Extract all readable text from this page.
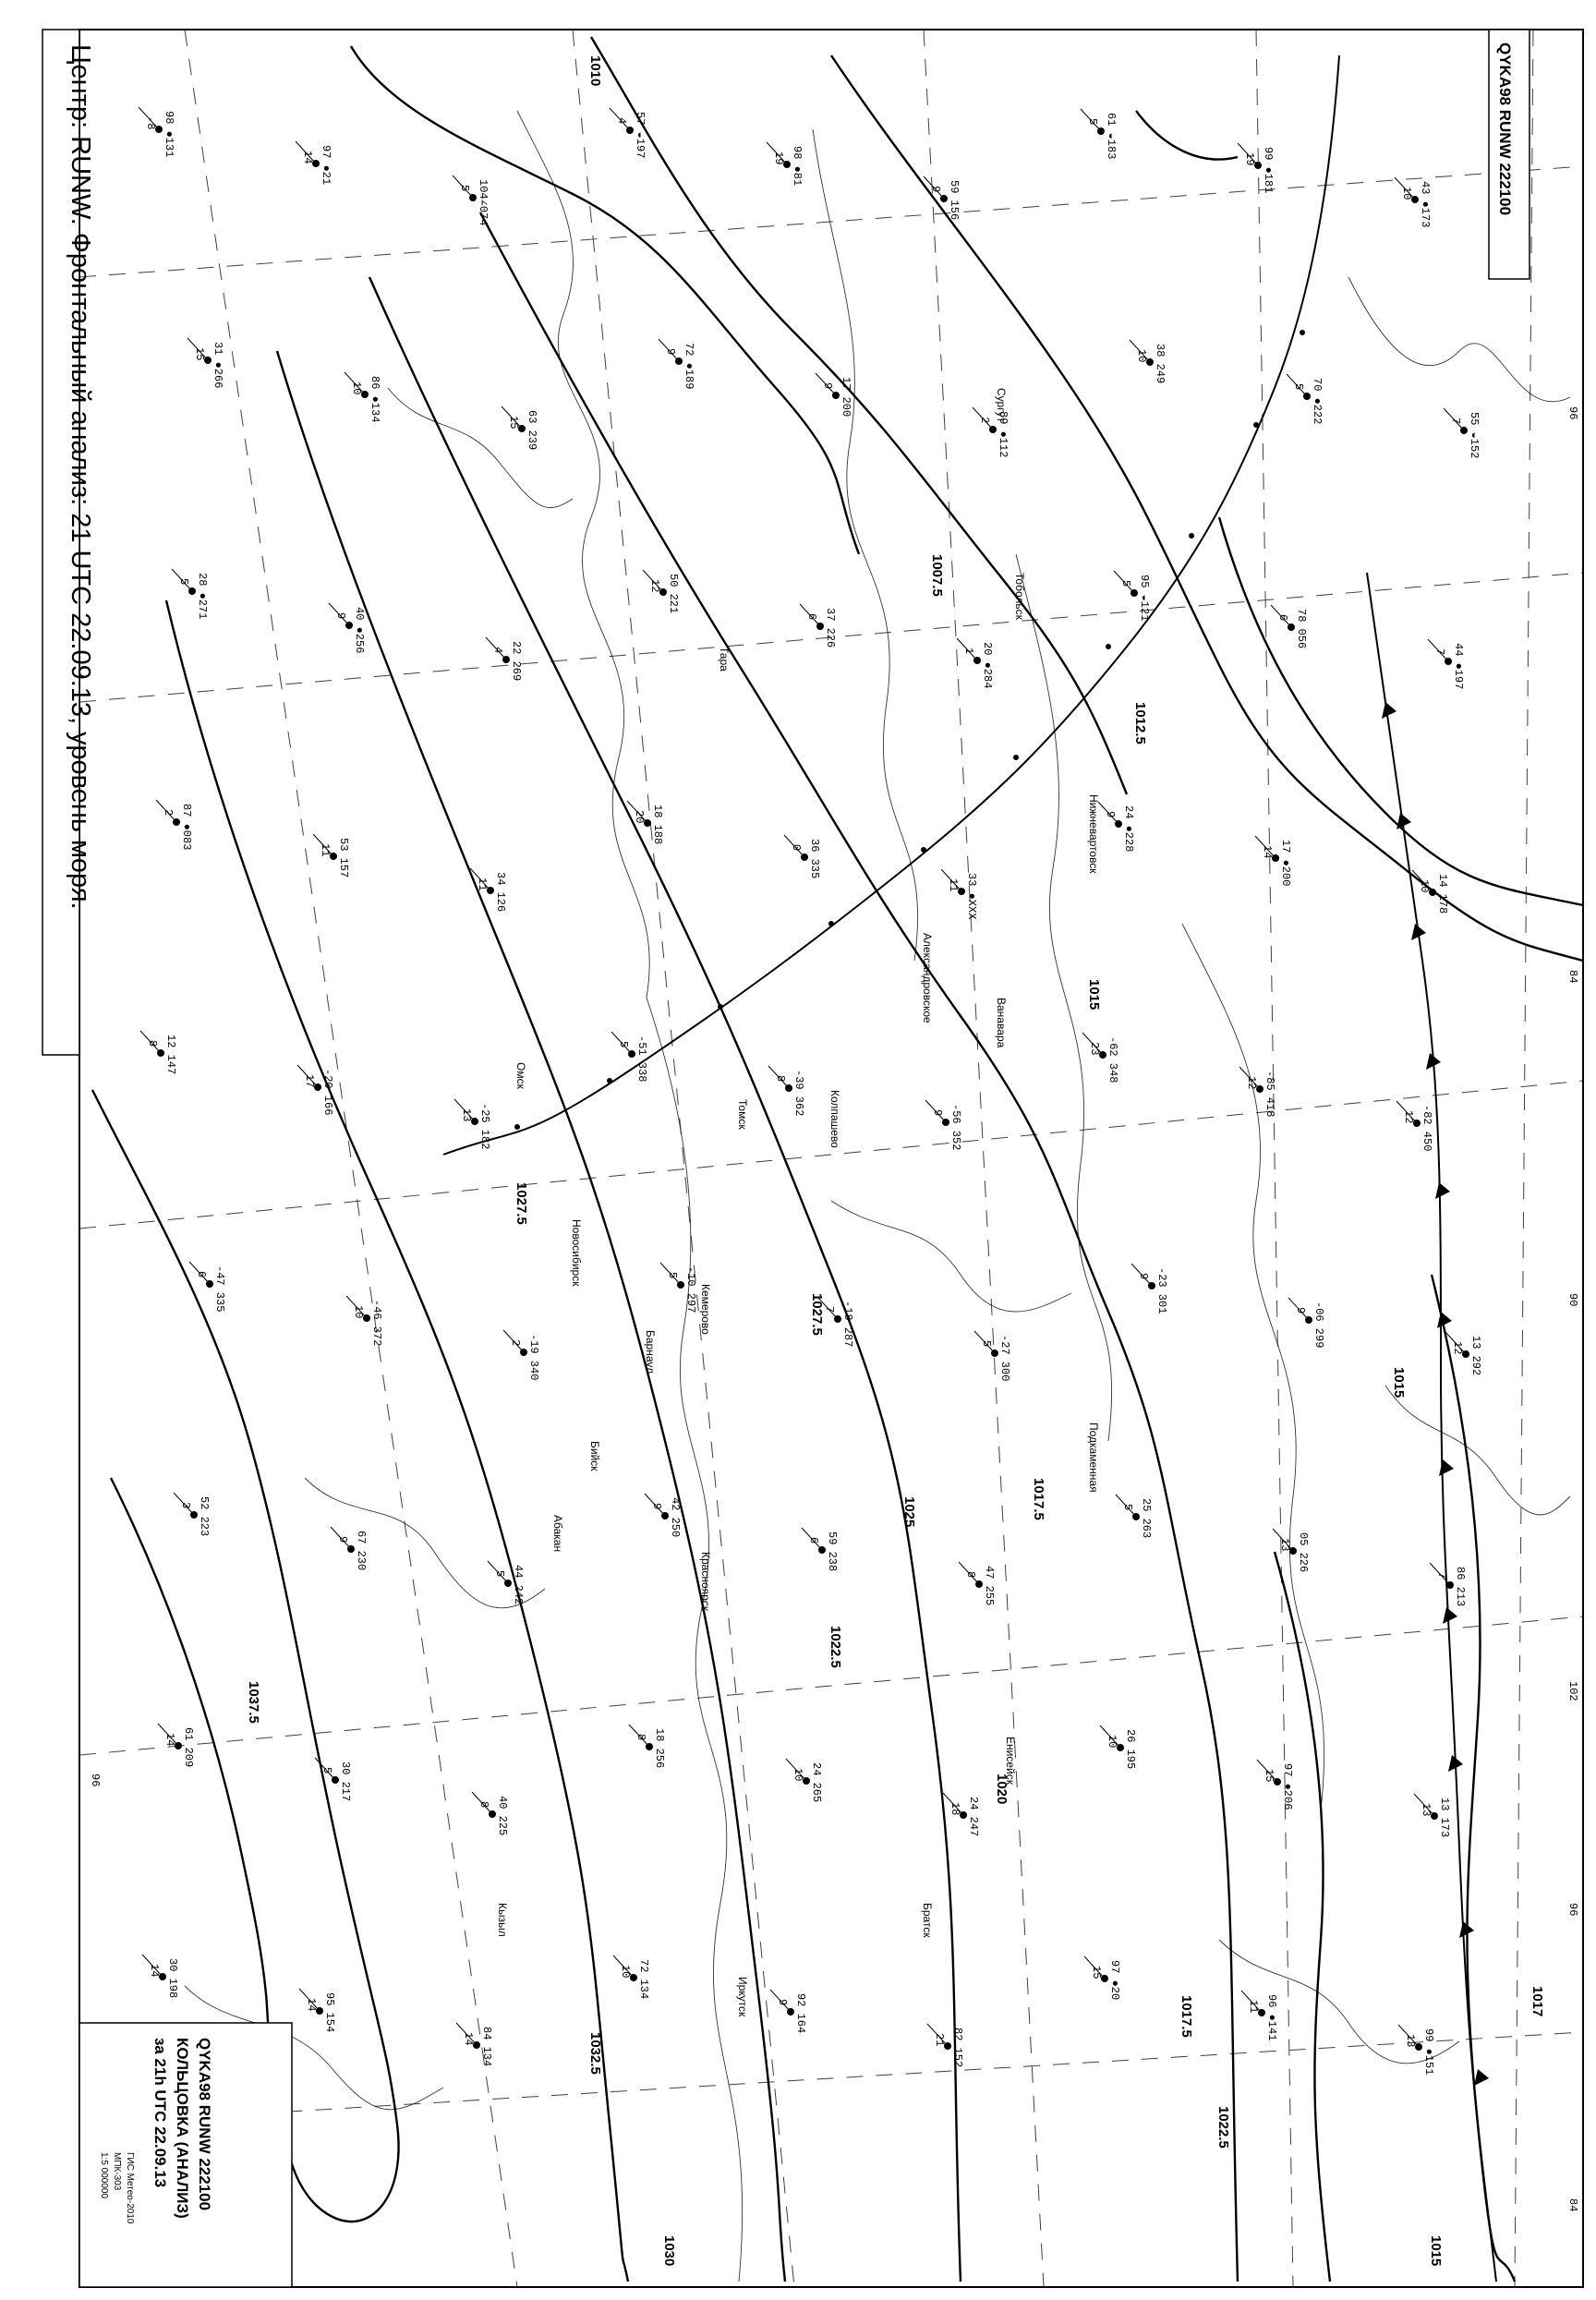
1010
1007.5
1012.5
1015
1017.5
1015
1017.5
1020
1022.5
1025
1027.5
1030
1032.5
1037.5
1027.5
1022.5
1017
1015
Омск
Новосибирск
Барнаул
Кемерово
Томск
Красноярск
Абакан
Кызыл
Иркутск
Братск
Ванавара
Подкаменная
Енисейск
Александровское
Колпашево
Тара
Тобольск
Сургут
Нижневартовск
Бийск
98 ●131
-8
97 ●21
14
104∠074
5
57 ◒197
4
98 ●81
19
59 156
9
61 ◒183
5
99 ●181
19
43 ●173
10
31 ●266
15
86 ●134
10
63 239
15
72 ●189
9
17 200
9
89 ●112
2
38 249
10
70 ●222
5
55 ◒152
7
28 ●271
5
40 ●256
9
22 269
4
50 221
12
37 226
6
20 ●284
1
95 ◒121
5
78 056
6
44 ●197
7
87 ●083
2
53 157
11
34 126
11
18 188
20
36 335
0
33 ●XXX
11
24 ●228
9
17 ●200
14
14 178
10
12 147
8
-20 166
17
-25 182
13
-51 338
5
-39 362
8
-56 352
9
-62 348
23
-85 418
12
-82 450
12
-47 335
6
-46 372
10
-19 340
2
-10 297
5
-18 287
7
-27 300
5
-23 301
9
-06 299
9
13 292
12
52 223
3
67 230
9
44 242
5
42 250
9
59 238
6
47 255
8
25 263
5
05 226
13
86 213
7
61 209
14
30 217
5
40 225
8
18 256
8
24 265
10
24 247
18
26 195
10
97 ●206
15
13 173
13
30 198
14
95 154
14
84 134
14
72 134
10
92 164
9
82 152
21
97 ●20
15
96 ●141
11
99 ●151
13
96
84
90
102
96
96
84
Центр: RUNW. Фронтальный анализ: 21 UTC 22.09.13, уровень моря.	QYKA98 RUNW 222100
QYKA98 RUNW 222100
КОЛЬЦОВКА (АНАЛИЗ)
за 21h UTC 22.09.13
ГИС Метео-2010
МПК-303
1:5 000000
